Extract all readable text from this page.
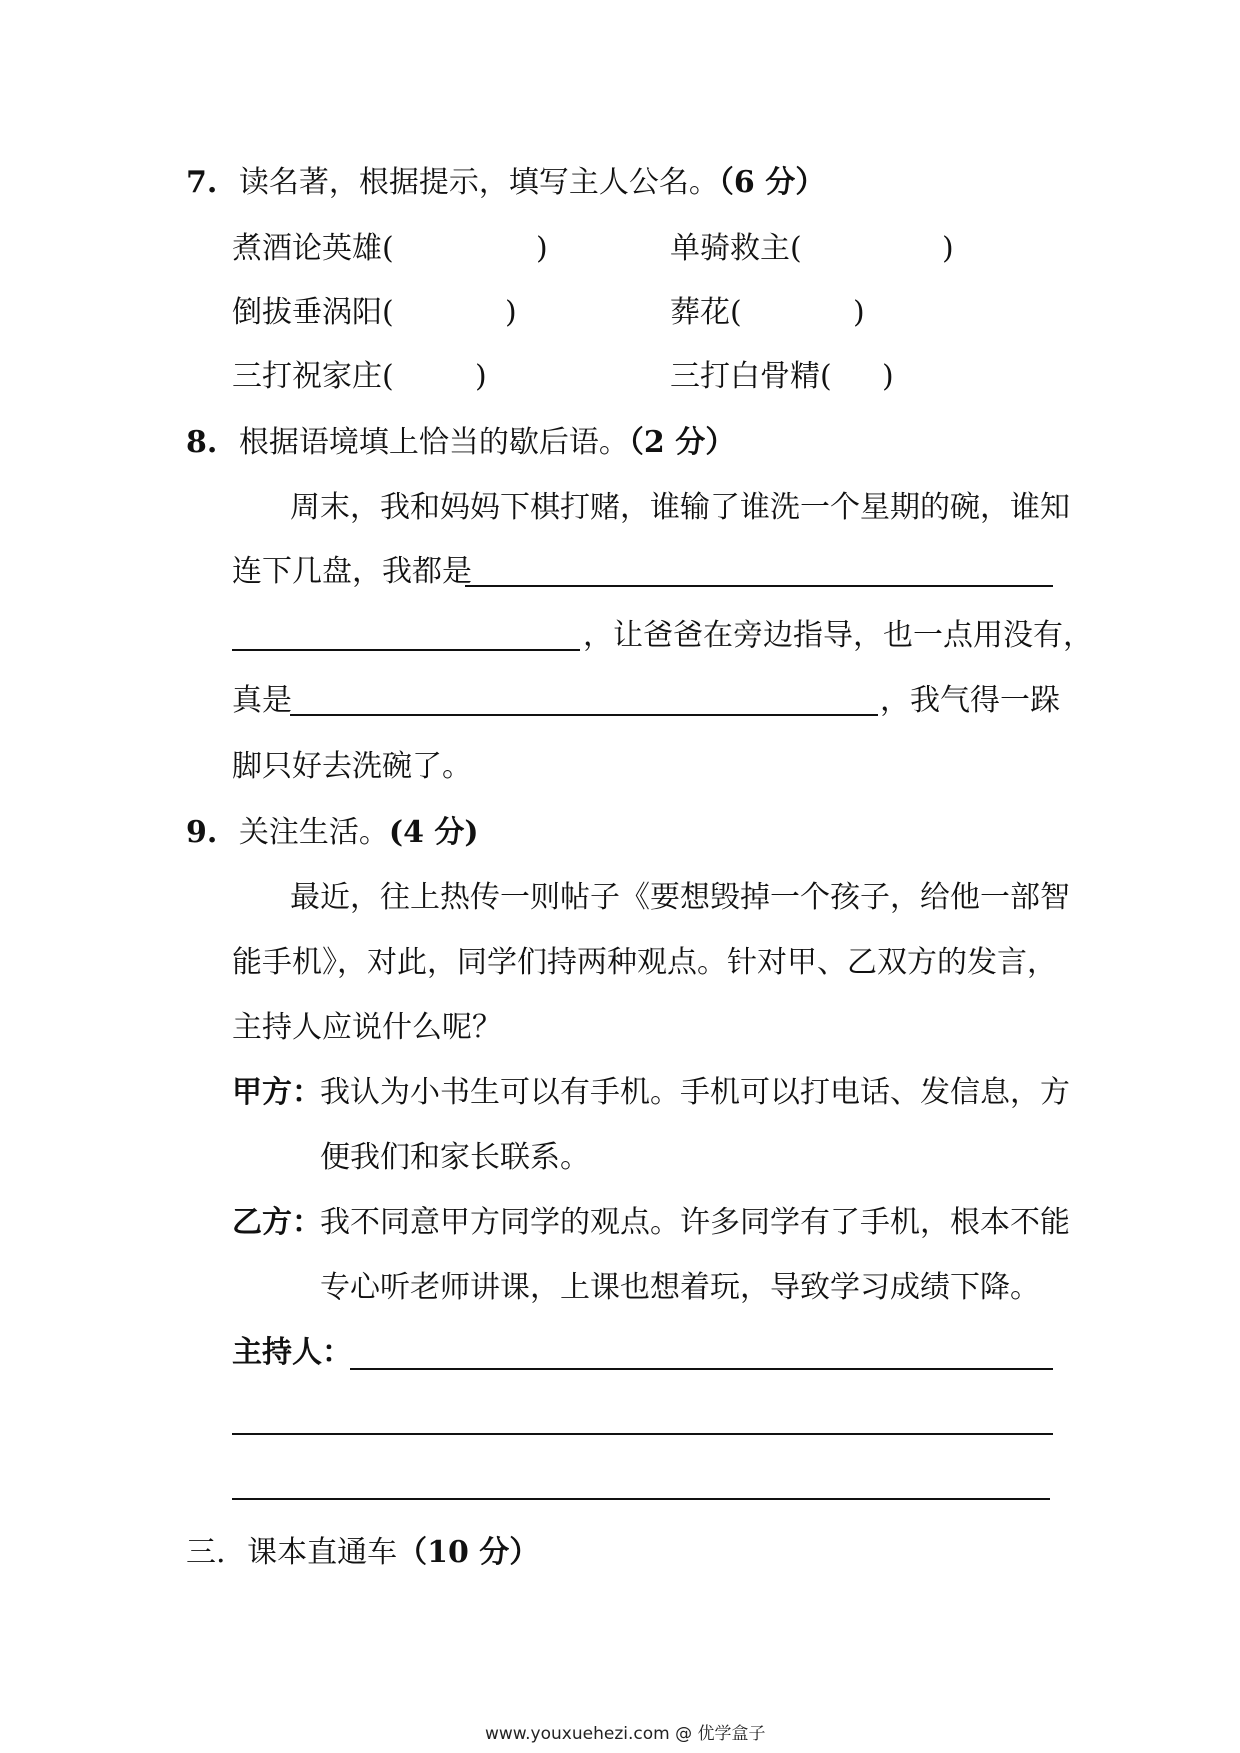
7. 读名著，根据提示，填写主人公名。（6 分）
煮酒论英雄(	)	单骑救主(	)
倒拔垂涡阳(	)	葬花(	)
三打祝家庄(	)	三打白骨精( )
8. 根据语境填上恰当的歇后语。（2 分）
周末，我和妈妈下棋打赌，谁输了谁洗一个星期的碗，谁知
连下几盘，我都是
，让爸爸在旁边指导，也一点用没有，
真是	，我气得一跺
脚只好去洗碗了。
9. 关注生活。(4 分)
最近，往上热传一则帖子《要想毁掉一个孩子，给他一部智
能手机》，对此，同学们持两种观点。针对甲、乙双方的发言，
主持人应说什么呢？
甲方：
我认为小书生可以有手机。手机可以打电话、发信息，方
便我们和家长联系。
乙方：
我不同意甲方同学的观点。许多同学有了手机，根本不能
专心听老师讲课，上课也想着玩，导致学习成绩下降。
主持人：
三. 课本直通车（10 分）
www.youxuehezi.com @ 优学盒子
